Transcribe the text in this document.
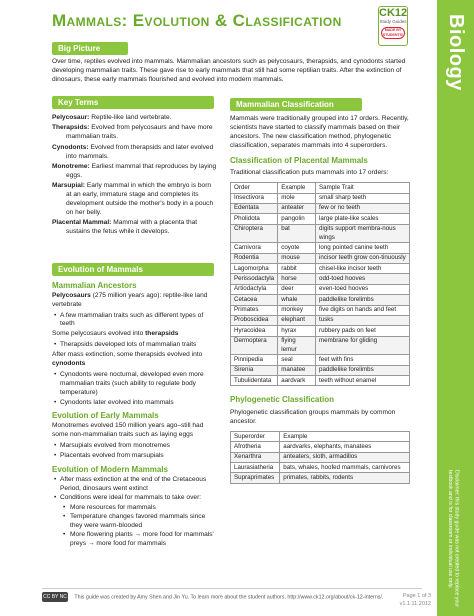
Mammals: Evolution & Classification	CK12
Study Guides
MADE BY STUDENTS!
Big Picture
Over time, reptiles evolved into mammals. Mammalian ancestors such as pelycosaurs, therapsids, and cynodonts started developing mammalian traits. These gave rise to early mammals that still had some reptilian traits. After the extinction of dinosaurs, these early mammals flourished and evolved into modern mammals.
Key Terms
Pelycosaur: Reptile-like land vertebrate.
Therapsids: Evolved from pelycosaurs and have more mammalian traits.
Cynodonts: Evolved from therapsids and later evolved into mammals.
Monotreme: Earliest mammal that reproduces by laying eggs.
Marsupial: Early mammal in which the embryo is born at an early, immature stage and completes its development outside the mother's body in a pouch on her belly.
Placental Mammal: Mammal with a placenta that sustains the fetus while it develops.
Evolution of Mammals
Mammalian Ancestors

Pelycosaurs (275 million years ago): reptile-like land vertebrate

• A few mammalian traits such as different types of teeth

Some pelycosaurs evolved into therapsids

• Therapsids developed lots of mammalian traits

After mass extinction, some therapsids evolved into cynodonts

• Cynodonts were nocturnal, developed even more mammalian traits (such ability to regulate body temperature)
• Cynodonts later evolved into mammals
Evolution of Early Mammals

Monotremes evolved 150 million years ago–still had some non-mammalian traits such as laying eggs

• Marsupials evolved from monotremes
• Placentals evolved from marsupials
Evolution of Modern Mammals
• After mass extinction at the end of the Cretaceous Period, dinosaurs went extinct
• Conditions were ideal for mammals to take over:
• More resources for mammals
• Temperature changes favored mammals since they were warm-blooded
• More flowering plants → more food for mammals' preys → more food for mammals
Mammalian Classification

Mammals were traditionally grouped into 17 orders. Recently, scientists have started to classify mammals based on their ancestors. The new classification method, phylogenetic classification, separates mammals into 4 superorders.

Classification of Placental Mammals

Traditional classification puts mammals into 17 orders:

Order	Example	Sample Trait
Insectivora	mole	small sharp teeth
Edentata	anteater	few or no teeth
Pholidota	pangolin	large plate-like scales
Chiroptera	bat	digits support membra-nous wings
Carnivora	coyote	long pointed canine teeth
Rodentia	mouse	incisor teeth grow con-tinuously
Lagomorpha	rabbit	chisel-like incisor teeth
Perissodactyla	horse	odd-toed hooves
Artiodactyla	deer	even-toed hooves
Cetacea	whale	paddlelike forelimbs
Primates	monkey	five digits on hands and feet
Proboscidea	elephant	tusks
Hyracoidea	hyrax	rubbery pads on feet
Dermoptera	flying lemur	membrane for gliding
Pinnipedia	seal	feet with fins
Sirenia	manatee	paddlelike forelimbs
Tubulidentata	aardvark	teeth without enamel
Phylogenetic Classification

Phylogenetic classification groups mammals by common ancestor.

Superorder	Example
Afrotheria	aardvarks, elephants, manatees
Xenarthra	anteaters, sloth, armadillos
Laurasiatheria	bats, whales, hoofed mammals, carnivores
Supraprimates	primates, rabbits, rodents
CC BY NC This guide was created by Amy Shen and Jin Yu. To learn more about the student authors, http://www.ck12.org/about/ck-12-interns/.
Biology
Disclaimer: this study guide was not created to replace your textbook and is for classroom or individual use only.
Page 1 of 3
v1.1.11.2012
